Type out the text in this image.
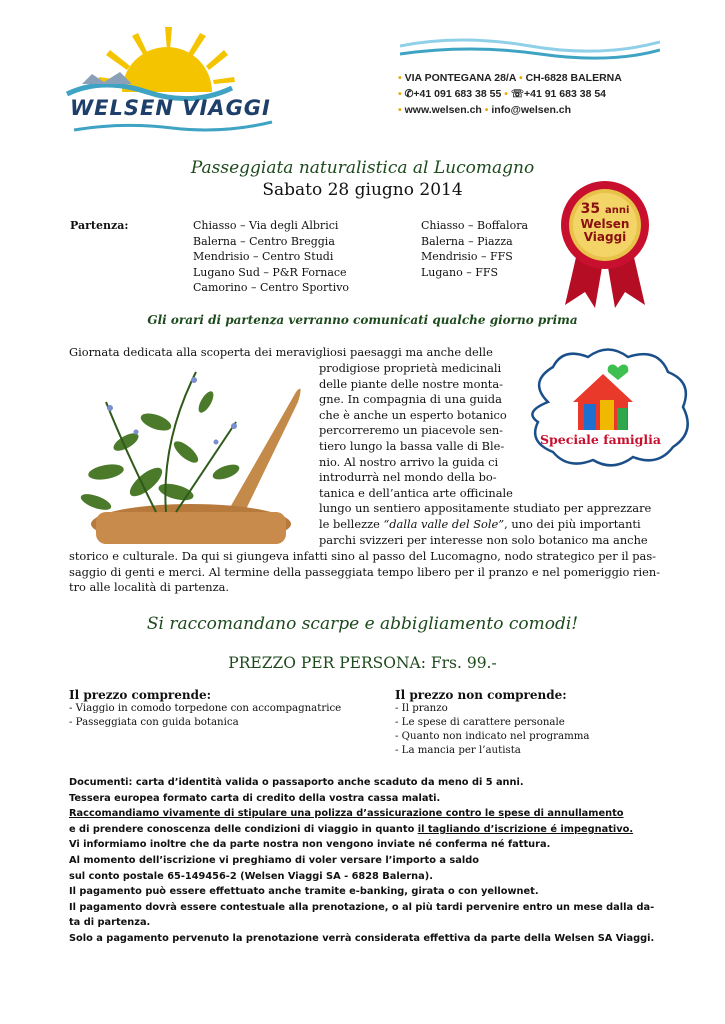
WELSEN VIAGGI
• VIA PONTEGANA 28/A • CH-6828 BALERNA
• ✆+41 091 683 38 55 • ☏+41 91 683 38 54
• www.welsen.ch • info@welsen.ch
Passeggiata naturalistica al Lucomagno
Sabato 28 giugno 2014
35 anni
Welsen
Viaggi
Partenza:	Chiasso – Via degli Albrici
Balerna – Centro Breggia
Mendrisio – Centro Studi
Lugano Sud – P&R Fornace
Camorino – Centro Sportivo
Chiasso – Boffalora
Balerna – Piazza
Mendrisio – FFS
Lugano – FFS
Gli orari di partenza verranno comunicati qualche giorno prima
Speciale famiglia
Giornata dedicata alla scoperta dei meravigliosi paesaggi ma anche delle
prodigiose proprietà medicinali
delle piante delle nostre monta-
gne. In compagnia di una guida
che è anche un esperto botanico
percorreremo un piacevole sen-
tiero lungo la bassa valle di Ble-
nio. Al nostro arrivo la guida ci
introdurrà nel mondo della bo-
tanica e dell’antica arte officinale
lungo un sentiero appositamente studiato per apprezzare
le bellezze “dalla valle del Sole”, uno dei più importanti
parchi svizzeri per interesse non solo botanico ma anche
storico e culturale. Da qui si giungeva infatti sino al passo del Lucomagno, nodo strategico per il pas-
saggio di genti e merci. Al termine della passeggiata tempo libero per il pranzo e nel pomeriggio rien-
tro alle località di partenza.
Si raccomandano scarpe e abbigliamento comodi!
PREZZO PER PERSONA: Frs. 99.-
Il prezzo comprende:
- Viaggio in comodo torpedone con accompagnatrice
- Passeggiata con guida botanica
Il prezzo non comprende:
- Il pranzo
- Le spese di carattere personale
- Quanto non indicato nel programma
- La mancia per l’autista
Documenti: carta d’identità valida o passaporto anche scaduto da meno di 5 anni.
Tessera europea formato carta di credito della vostra cassa malati.
Raccomandiamo vivamente di stipulare una polizza d’assicurazione contro le spese di annullamento
e di prendere conoscenza delle condizioni di viaggio in quanto il tagliando d’iscrizione é impegnativo.
Vi informiamo inoltre che da parte nostra non vengono inviate né conferma né fattura.
Al momento dell’iscrizione vi preghiamo di voler versare l’importo a saldo
sul conto postale 65-149456-2 (Welsen Viaggi SA - 6828 Balerna).
Il pagamento può essere effettuato anche tramite e-banking, girata o con yellownet.
Il pagamento dovrà essere contestuale alla prenotazione, o al più tardi pervenire entro un mese dalla da-
ta di partenza.
Solo a pagamento pervenuto la prenotazione verrà considerata effettiva da parte della Welsen SA Viaggi.
